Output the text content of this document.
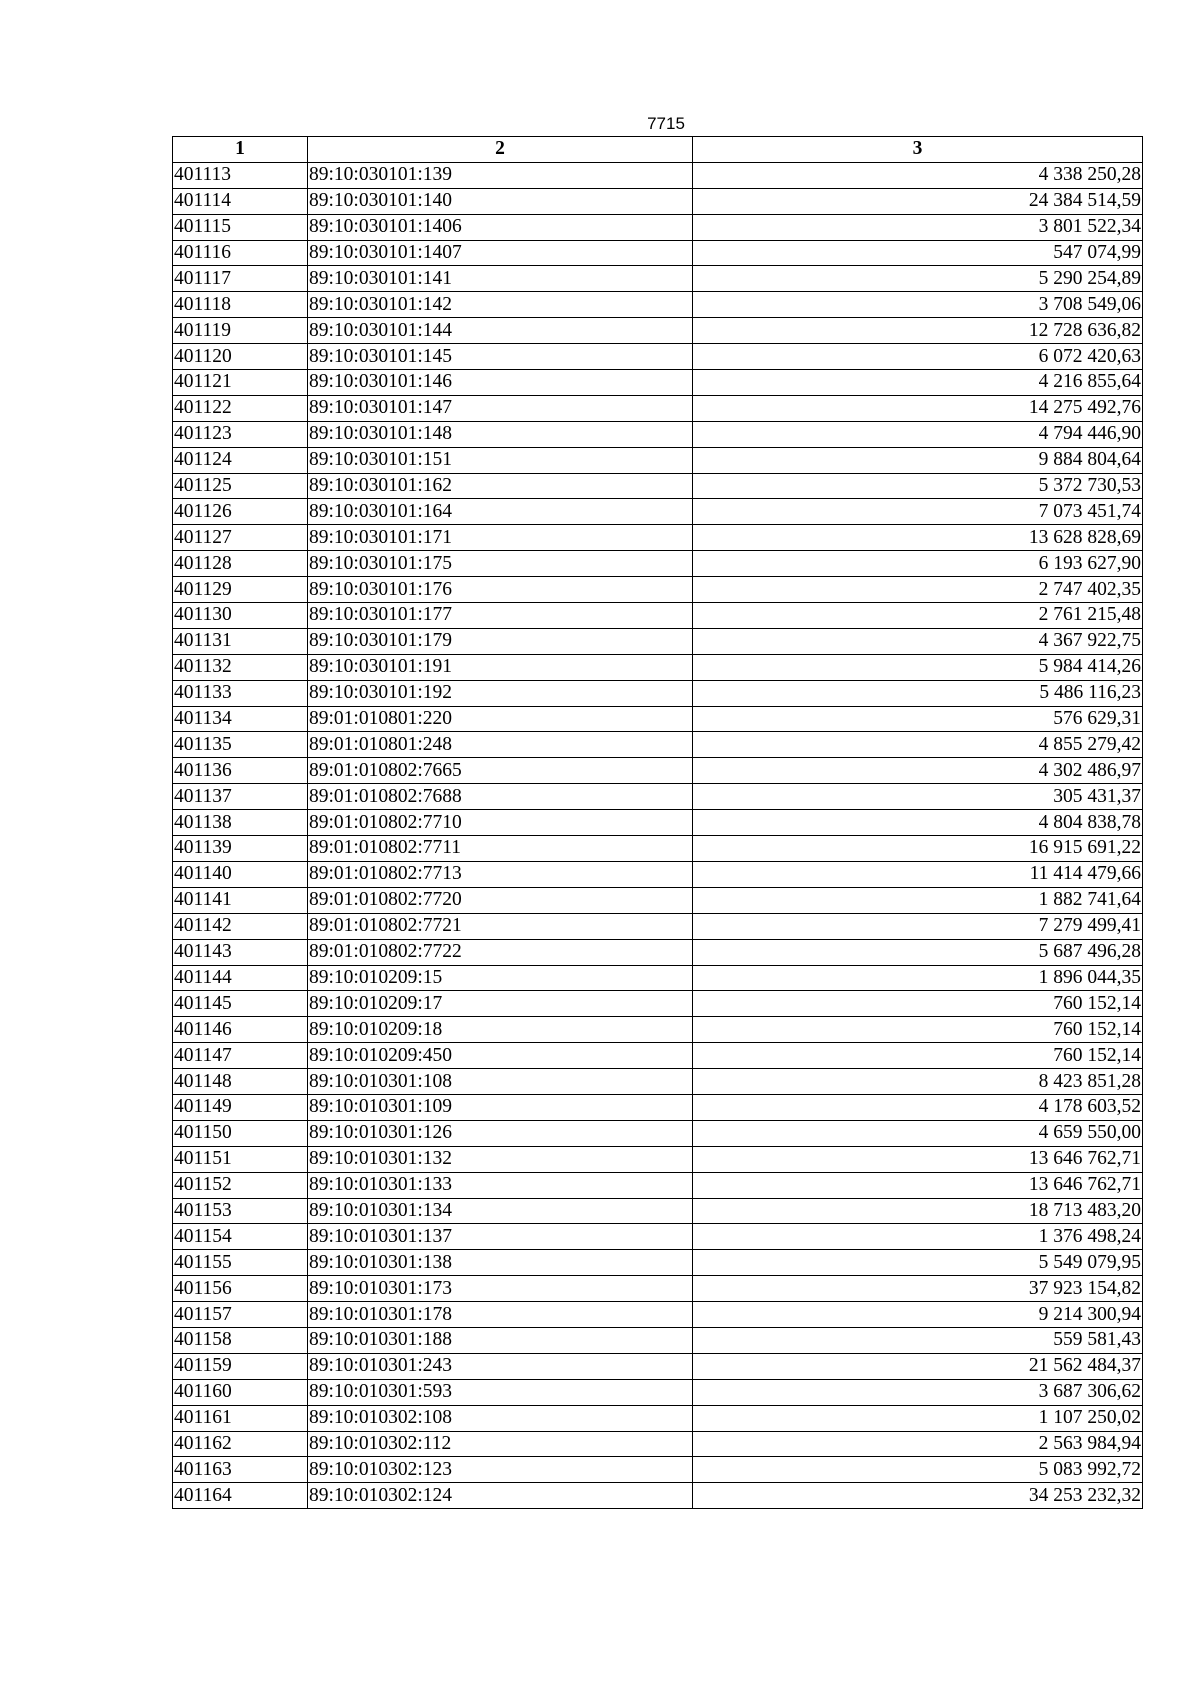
7715
1	2	3
401113	89:10:030101:139	4 338 250,28
401114	89:10:030101:140	24 384 514,59
401115	89:10:030101:1406	3 801 522,34
401116	89:10:030101:1407	547 074,99
401117	89:10:030101:141	5 290 254,89
401118	89:10:030101:142	3 708 549,06
401119	89:10:030101:144	12 728 636,82
401120	89:10:030101:145	6 072 420,63
401121	89:10:030101:146	4 216 855,64
401122	89:10:030101:147	14 275 492,76
401123	89:10:030101:148	4 794 446,90
401124	89:10:030101:151	9 884 804,64
401125	89:10:030101:162	5 372 730,53
401126	89:10:030101:164	7 073 451,74
401127	89:10:030101:171	13 628 828,69
401128	89:10:030101:175	6 193 627,90
401129	89:10:030101:176	2 747 402,35
401130	89:10:030101:177	2 761 215,48
401131	89:10:030101:179	4 367 922,75
401132	89:10:030101:191	5 984 414,26
401133	89:10:030101:192	5 486 116,23
401134	89:01:010801:220	576 629,31
401135	89:01:010801:248	4 855 279,42
401136	89:01:010802:7665	4 302 486,97
401137	89:01:010802:7688	305 431,37
401138	89:01:010802:7710	4 804 838,78
401139	89:01:010802:7711	16 915 691,22
401140	89:01:010802:7713	11 414 479,66
401141	89:01:010802:7720	1 882 741,64
401142	89:01:010802:7721	7 279 499,41
401143	89:01:010802:7722	5 687 496,28
401144	89:10:010209:15	1 896 044,35
401145	89:10:010209:17	760 152,14
401146	89:10:010209:18	760 152,14
401147	89:10:010209:450	760 152,14
401148	89:10:010301:108	8 423 851,28
401149	89:10:010301:109	4 178 603,52
401150	89:10:010301:126	4 659 550,00
401151	89:10:010301:132	13 646 762,71
401152	89:10:010301:133	13 646 762,71
401153	89:10:010301:134	18 713 483,20
401154	89:10:010301:137	1 376 498,24
401155	89:10:010301:138	5 549 079,95
401156	89:10:010301:173	37 923 154,82
401157	89:10:010301:178	9 214 300,94
401158	89:10:010301:188	559 581,43
401159	89:10:010301:243	21 562 484,37
401160	89:10:010301:593	3 687 306,62
401161	89:10:010302:108	1 107 250,02
401162	89:10:010302:112	2 563 984,94
401163	89:10:010302:123	5 083 992,72
401164	89:10:010302:124	34 253 232,32
